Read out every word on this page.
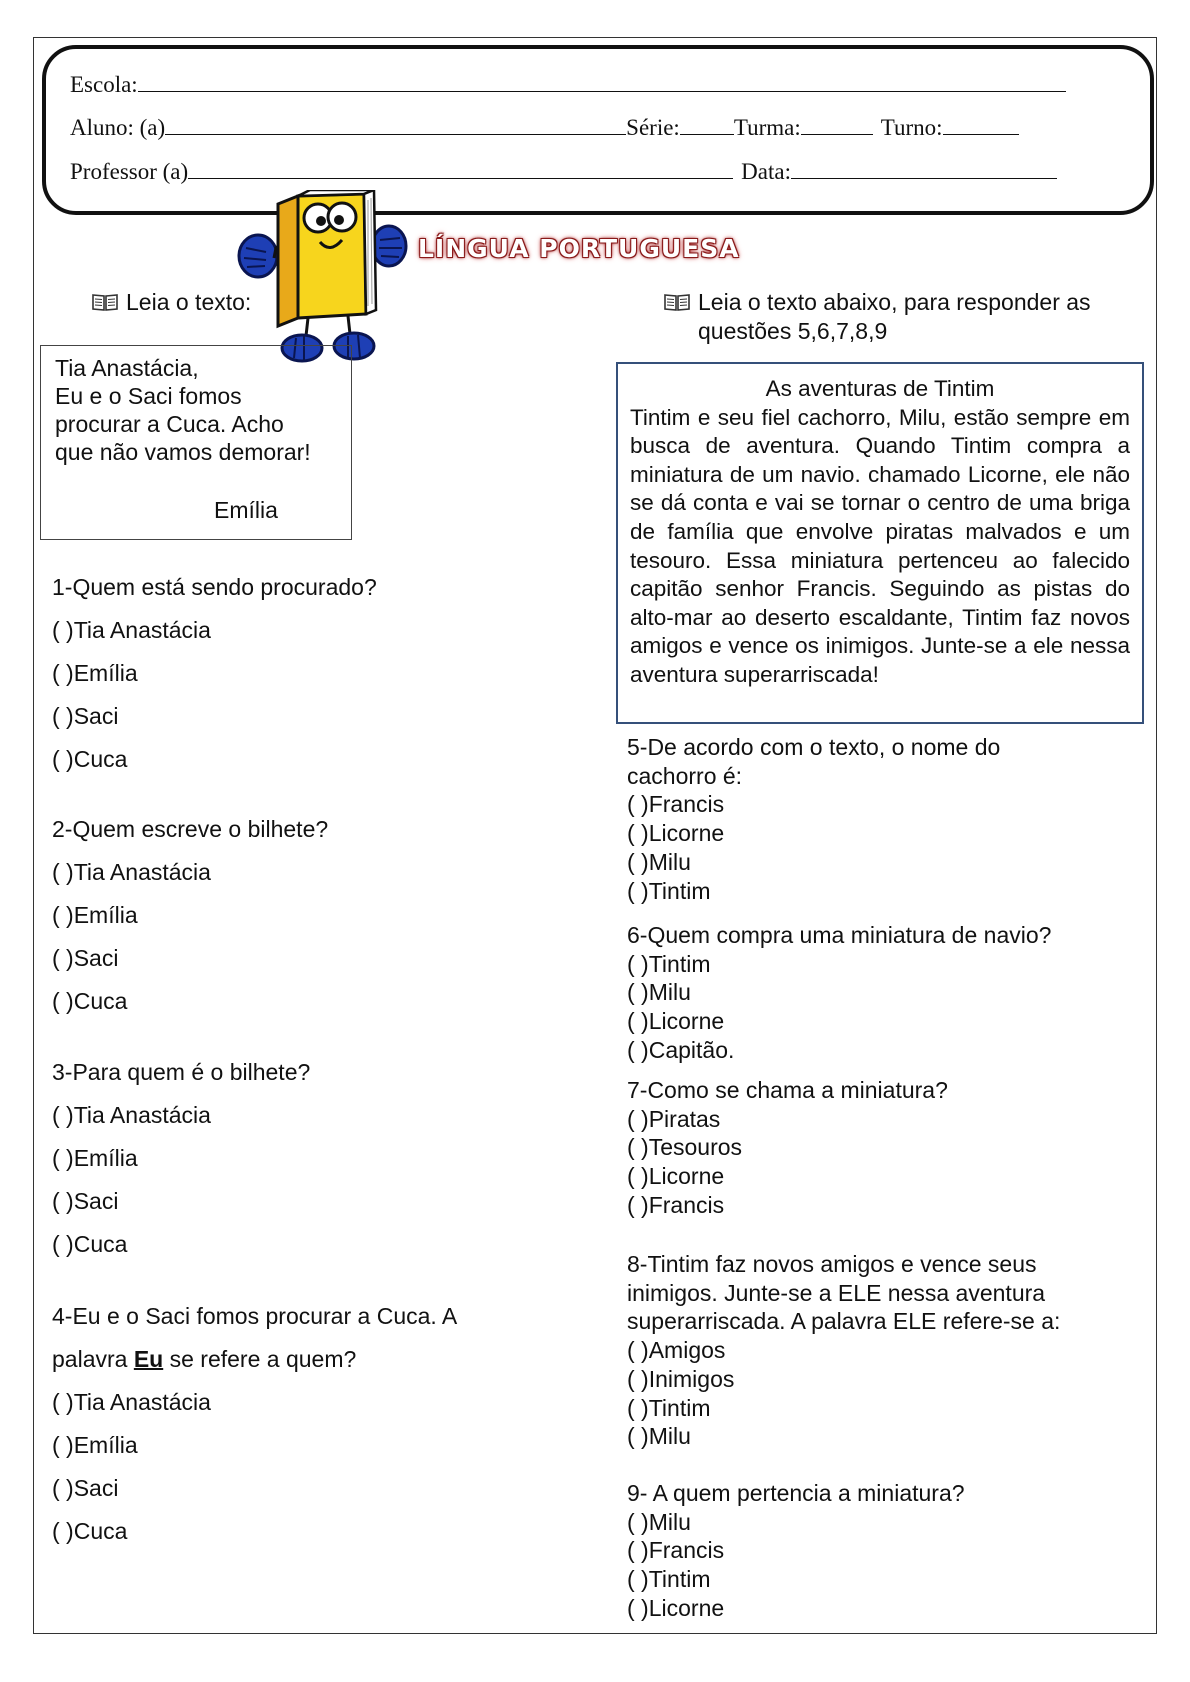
Escola:
Aluno: (a)	Série: Turma:	Turno:
Professor (a)	Data:
LÍNGUA PORTUGUESA
Leia o texto:	Leia o texto abaixo, para responder as
questões 5,6,7,8,9
Tia Anastácia,
Eu e o Saci fomos
procurar a Cuca. Acho
que não vamos demorar!
Emília
As aventuras de Tintim
Tintim e seu fiel cachorro, Milu, estão sempre em busca de aventura. Quando Tintim compra a miniatura de um navio. chamado Licorne, ele não se dá conta e vai se tornar o centro de uma briga de família que envolve piratas malvados e um tesouro. Essa miniatura pertenceu ao falecido capitão senhor Francis. Seguindo as pistas do alto-mar ao deserto escaldante, Tintim faz novos amigos e vence os inimigos. Junte-se a ele nessa aventura superarriscada!
1-Quem está sendo procurado?
( )Tia Anastácia
( )Emília
( )Saci
( )Cuca
2-Quem escreve o bilhete?
( )Tia Anastácia
( )Emília
( )Saci
( )Cuca
3-Para quem é o bilhete?
( )Tia Anastácia
( )Emília
( )Saci
( )Cuca
4-Eu e o Saci fomos procurar a Cuca. A
palavra Eu se refere a quem?
( )Tia Anastácia
( )Emília
( )Saci
( )Cuca
5-De acordo com o texto, o nome do
cachorro é:
( )Francis
( )Licorne
( )Milu
( )Tintim
6-Quem compra uma miniatura de navio?
( )Tintim
( )Milu
( )Licorne
( )Capitão.
7-Como se chama a miniatura?
( )Piratas
( )Tesouros
( )Licorne
( )Francis
8-Tintim faz novos amigos e vence seus
inimigos. Junte-se a ELE nessa aventura
superarriscada. A palavra ELE refere-se a:
( )Amigos
( )Inimigos
( )Tintim
( )Milu
9- A quem pertencia a miniatura?
( )Milu
( )Francis
( )Tintim
( )Licorne
